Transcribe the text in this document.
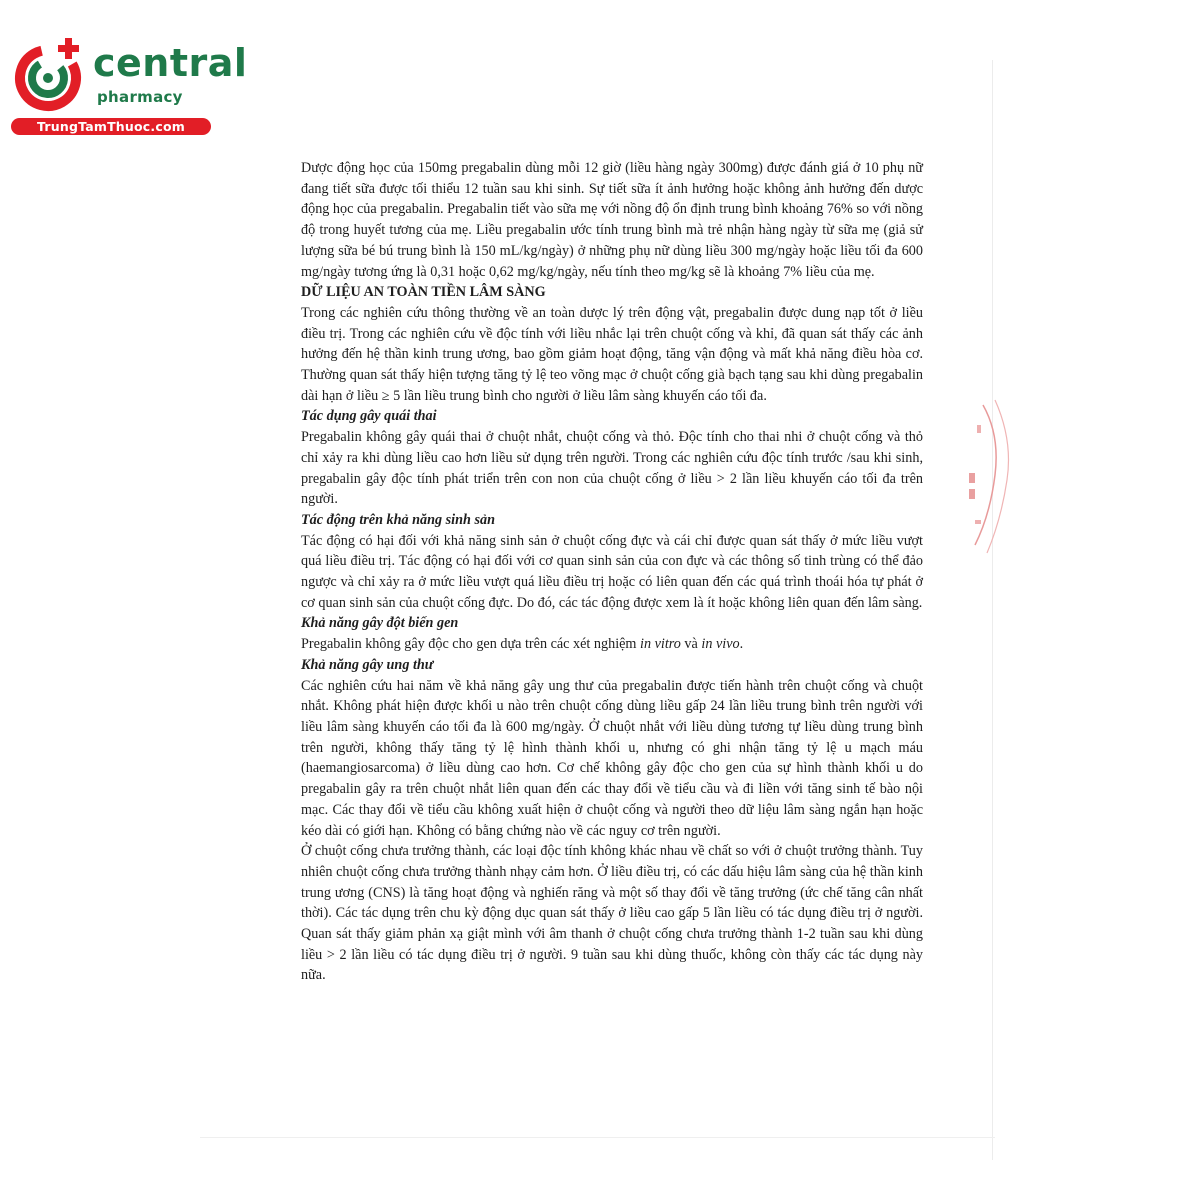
central
pharmacy
TrungTamThuoc.com

Dược động học của 150mg pregabalin dùng mỗi 12 giờ (liều hàng ngày 300mg) được đánh giá ở 10 phụ nữ đang tiết sữa được tối thiểu 12 tuần sau khi sinh. Sự tiết sữa ít ảnh hưởng hoặc không ảnh hưởng đến dược động học của pregabalin. Pregabalin tiết vào sữa mẹ với nồng độ ổn định trung bình khoảng 76% so với nồng độ trong huyết tương của mẹ. Liều pregabalin ước tính trung bình mà trẻ nhận hàng ngày từ sữa mẹ (giả sử lượng sữa bé bú trung bình là 150 mL/kg/ngày) ở những phụ nữ dùng liều 300 mg/ngày hoặc liều tối đa 600 mg/ngày tương ứng là 0,31 hoặc 0,62 mg/kg/ngày, nếu tính theo mg/kg sẽ là khoảng 7% liều của mẹ.

DỮ LIỆU AN TOÀN TIỀN LÂM SÀNG

Trong các nghiên cứu thông thường về an toàn dược lý trên động vật, pregabalin được dung nạp tốt ở liều điều trị. Trong các nghiên cứu về độc tính với liều nhắc lại trên chuột cống và khỉ, đã quan sát thấy các ảnh hưởng đến hệ thần kinh trung ương, bao gồm giảm hoạt động, tăng vận động và mất khả năng điều hòa cơ. Thường quan sát thấy hiện tượng tăng tỷ lệ teo võng mạc ở chuột cống già bạch tạng sau khi dùng pregabalin dài hạn ở liều ≥ 5 lần liều trung bình cho người ở liều lâm sàng khuyến cáo tối đa.

Tác dụng gây quái thai

Pregabalin không gây quái thai ở chuột nhắt, chuột cống và thỏ. Độc tính cho thai nhi ở chuột cống và thỏ chỉ xảy ra khi dùng liều cao hơn liều sử dụng trên người. Trong các nghiên cứu độc tính trước /sau khi sinh, pregabalin gây độc tính phát triển trên con non của chuột cống ở liều > 2 lần liều khuyến cáo tối đa trên người.

Tác động trên khả năng sinh sản

Tác động có hại đối với khả năng sinh sản ở chuột cống đực và cái chỉ được quan sát thấy ở mức liều vượt quá liều điều trị. Tác động có hại đối với cơ quan sinh sản của con đực và các thông số tinh trùng có thể đảo ngược và chỉ xảy ra ở mức liều vượt quá liều điều trị hoặc có liên quan đến các quá trình thoái hóa tự phát ở cơ quan sinh sản của chuột cống đực. Do đó, các tác động được xem là ít hoặc không liên quan đến lâm sàng.

Khả năng gây đột biến gen

Pregabalin không gây độc cho gen dựa trên các xét nghiệm in vitro và in vivo.

Khả năng gây ung thư

Các nghiên cứu hai năm về khả năng gây ung thư của pregabalin được tiến hành trên chuột cống và chuột nhắt. Không phát hiện được khối u nào trên chuột cống dùng liều gấp 24 lần liều trung bình trên người với liều lâm sàng khuyến cáo tối đa là 600 mg/ngày. Ở chuột nhắt với liều dùng tương tự liều dùng trung bình trên người, không thấy tăng tỷ lệ hình thành khối u, nhưng có ghi nhận tăng tỷ lệ u mạch máu (haemangiosarcoma) ở liều dùng cao hơn. Cơ chế không gây độc cho gen của sự hình thành khối u do pregabalin gây ra trên chuột nhắt liên quan đến các thay đổi về tiểu cầu và đi liền với tăng sinh tế bào nội mạc. Các thay đổi về tiểu cầu không xuất hiện ở chuột cống và người theo dữ liệu lâm sàng ngắn hạn hoặc kéo dài có giới hạn. Không có bằng chứng nào về các nguy cơ trên người.

Ở chuột cống chưa trưởng thành, các loại độc tính không khác nhau về chất so với ở chuột trưởng thành. Tuy nhiên chuột cống chưa trưởng thành nhạy cảm hơn. Ở liều điều trị, có các dấu hiệu lâm sàng của hệ thần kinh trung ương (CNS) là tăng hoạt động và nghiến răng và một số thay đổi về tăng trưởng (ức chế tăng cân nhất thời). Các tác dụng trên chu kỳ động dục quan sát thấy ở liều cao gấp 5 lần liều có tác dụng điều trị ở người. Quan sát thấy giảm phản xạ giật mình với âm thanh ở chuột cống chưa trưởng thành 1-2 tuần sau khi dùng liều > 2 lần liều có tác dụng điều trị ở người. 9 tuần sau khi dùng thuốc, không còn thấy các tác dụng này nữa.
